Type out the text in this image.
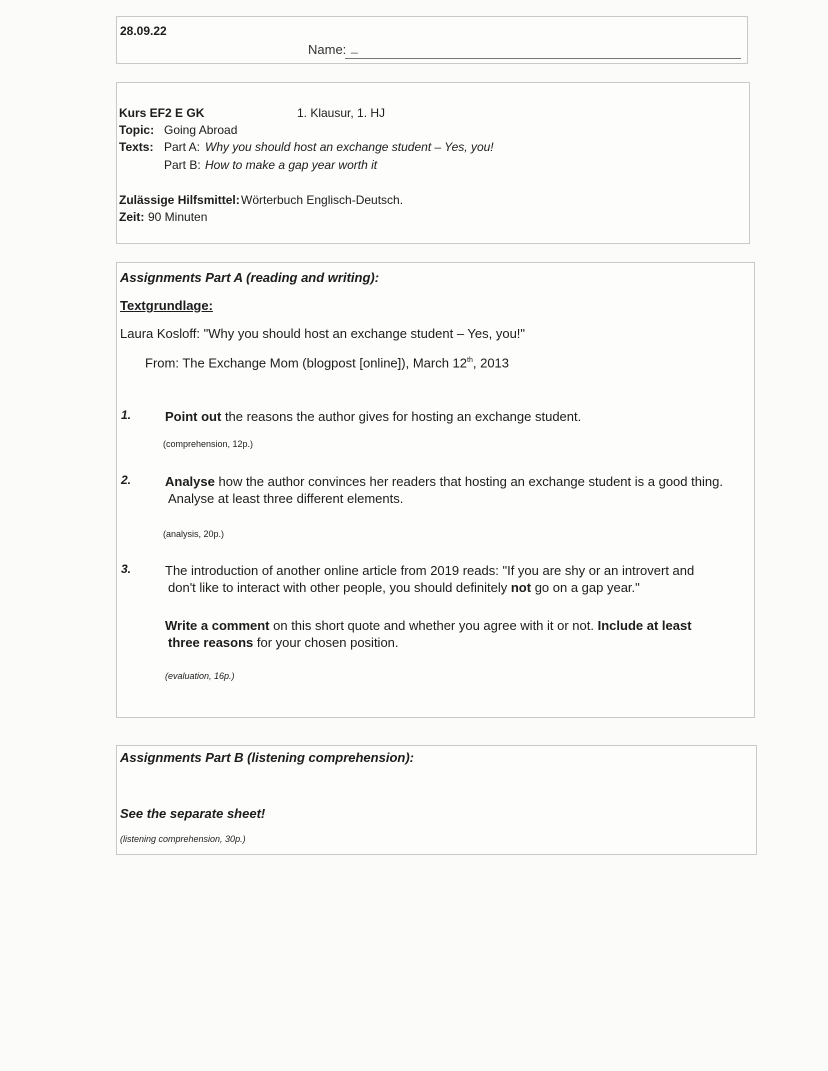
28.09.22
Name: _
Kurs EF2 E GK	1. Klausur, 1. HJ
Topic: Going Abroad
Texts: Part A: Why you should host an exchange student – Yes, you!
Part B: How to make a gap year worth it
Zulässige Hilfsmittel: Wörterbuch Englisch-Deutsch.
Zeit: 90 Minuten
Assignments Part A (reading and writing):
Textgrundlage:
Laura Kosloff: "Why you should host an exchange student – Yes, you!"
From: The Exchange Mom (blogpost [online]), March 12th, 2013
1.	Point out the reasons the author gives for hosting an exchange student.
(comprehension, 12p.)
2.	Analyse how the author convinces her readers that hosting an exchange student is a good thing.
Analyse at least three different elements.
(analysis, 20p.)
3.	The introduction of another online article from 2019 reads: "If you are shy or an introvert and
don't like to interact with other people, you should definitely not go on a gap year."
Write a comment on this short quote and whether you agree with it or not. Include at least
three reasons for your chosen position.
(evaluation, 16p.)
Assignments Part B (listening comprehension):
See the separate sheet!
(listening comprehension, 30p.)
